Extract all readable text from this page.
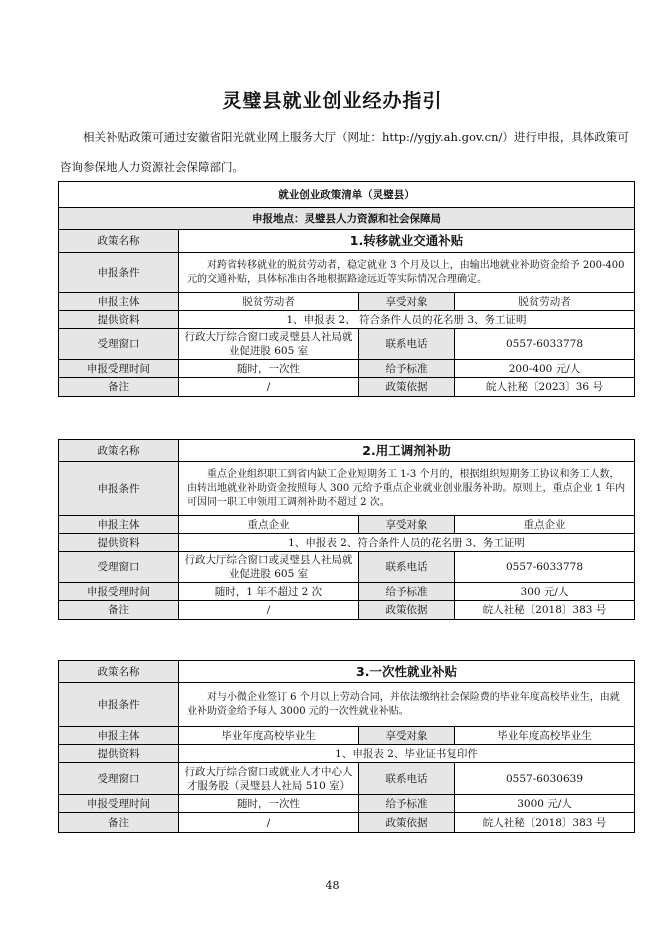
灵璧县就业创业经办指引
相关补贴政策可通过安徽省阳光就业网上服务大厅（网址：http://ygjy.ah.gov.cn/）进行申报，具体政策可咨询参保地人力资源社会保障部门。
就业创业政策清单（灵璧县）			
申报地点：灵璧县人力资源和社会保障局			
政策名称	1.转移就业交通补贴		
申报条件	对跨省转移就业的脱贫劳动者，稳定就业 3 个月及以上，由输出地就业补助资金给予 200-400 元的交通补贴，具体标准由各地根据路途远近等实际情况合理确定。		
申报主体	脱贫劳动者	享受对象	脱贫劳动者
提供资料	1、申报表 2、 符合条件人员的花名册 3、务工证明		
受理窗口	行政大厅综合窗口或灵璧县人社局就业促进股 605 室	联系电话	0557-6033778
申报受理时间	随时，一次性	给予标准	200-400 元/人
备注	/	政策依据	皖人社秘〔2023〕36 号
政策名称	2.用工调剂补助		
申报条件	重点企业组织职工到省内缺工企业短期务工 1-3 个月的，根据组织短期务工协议和务工人数，由转出地就业补助资金按照每人 300 元给予重点企业就业创业服务补助。原则上，重点企业 1 年内可因同一职工申领用工调剂补助不超过 2 次。		
申报主体	重点企业	享受对象	重点企业
提供资料	1、申报表 2、符合条件人员的花名册 3、务工证明		
受理窗口	行政大厅综合窗口或灵璧县人社局就业促进股 605 室	联系电话	0557-6033778
申报受理时间	随时，1 年不超过 2 次	给予标准	300 元/人
备注	/	政策依据	皖人社秘〔2018〕383 号
政策名称	3.一次性就业补贴		
申报条件	对与小微企业签订 6 个月以上劳动合同，并依法缴纳社会保险费的毕业年度高校毕业生，由就业补助资金给予每人 3000 元的一次性就业补贴。		
申报主体	毕业年度高校毕业生	享受对象	毕业年度高校毕业生
提供资料	1、申报表 2、毕业证书复印件		
受理窗口	行政大厅综合窗口或就业人才中心人才服务股（灵璧县人社局 510 室）	联系电话	0557-6030639
申报受理时间	随时，一次性	给予标准	3000 元/人
备注	/	政策依据	皖人社秘〔2018〕383 号
48
